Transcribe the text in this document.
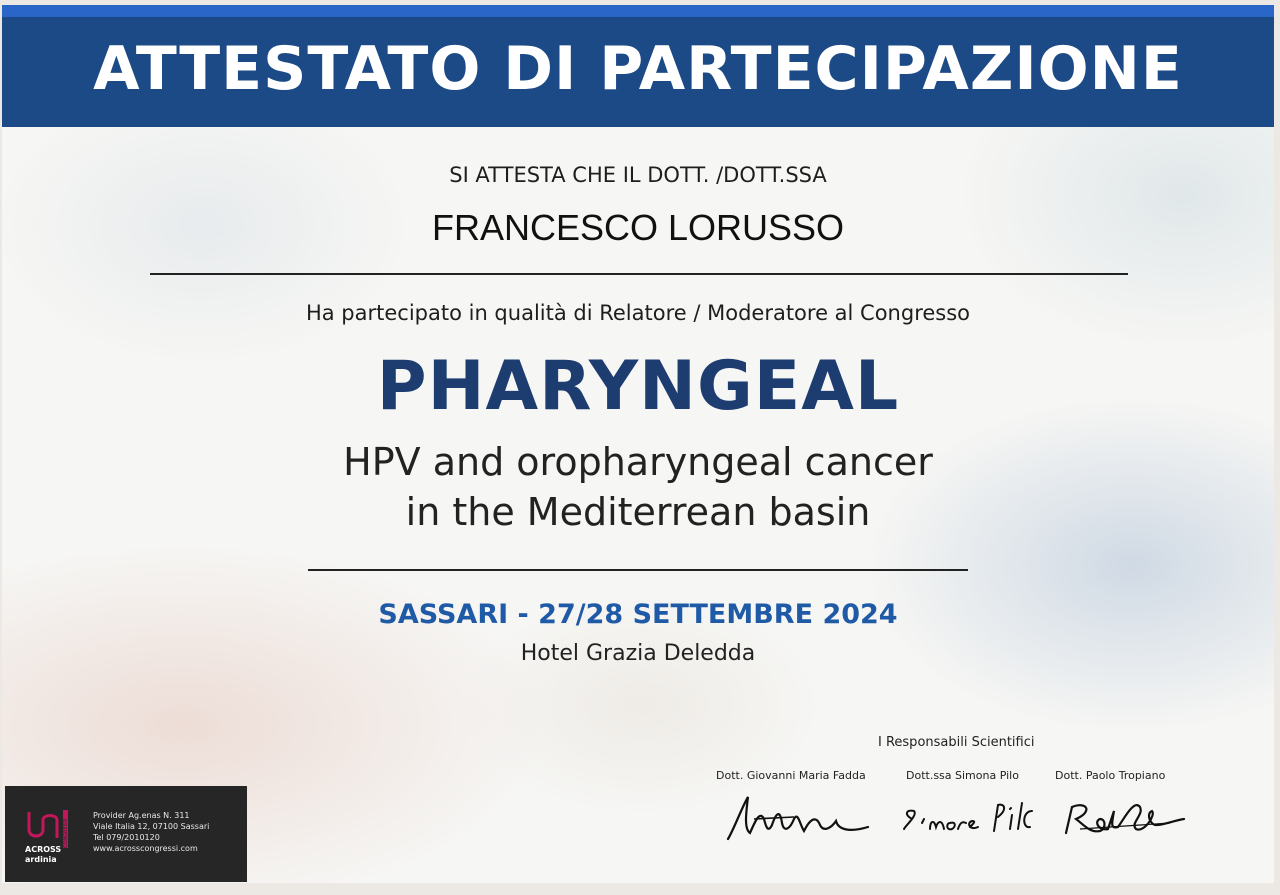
ATTESTATO DI PARTECIPAZIONE
SI ATTESTA CHE IL DOTT. /DOTT.SSA
FRANCESCO LORUSSO
Ha partecipato in qualità di Relatore / Moderatore al Congresso
PHARYNGEAL
HPV and oropharyngeal cancer
in the Mediterrean basin
SASSARI - 27/28 SETTEMBRE 2024
Hotel Grazia Deledda
I Responsabili Scientifici
Dott. Giovanni Maria Fadda	Dott.ssa Simona Pilo	Dott. Paolo Tropiano
ACROSS
ardinia
CONGRESSI
Provider Ag.enas N. 311
Viale Italia 12, 07100 Sassari
Tel 079/2010120
www.acrosscongressi.com
